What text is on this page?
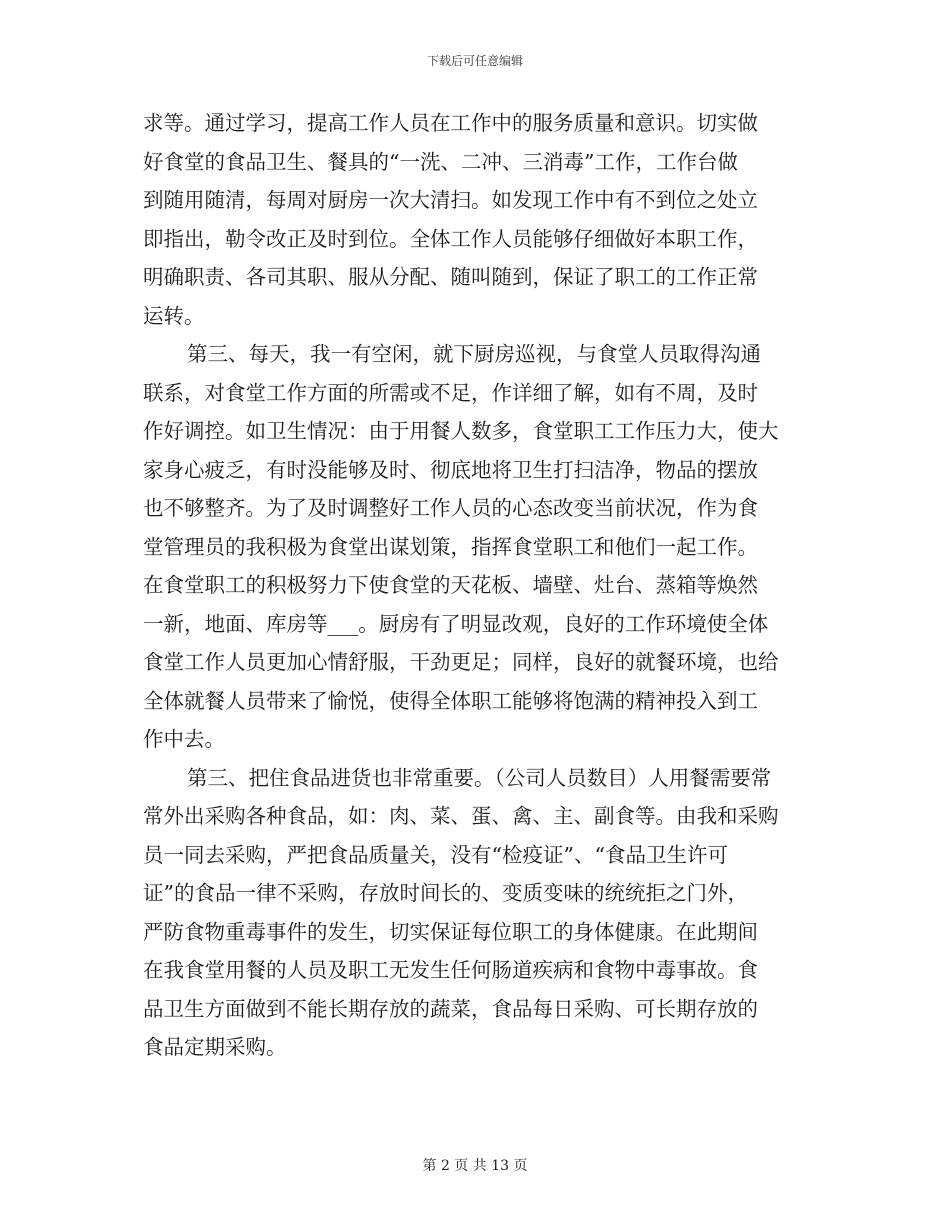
下载后可任意编辑
求等。通过学习，提高工作人员在工作中的服务质量和意识。切实做
好食堂的食品卫生、餐具的“一洗、二冲、三消毒”工作，工作台做
到随用随清，每周对厨房一次大清扫。如发现工作中有不到位之处立
即指出，勒令改正及时到位。全体工作人员能够仔细做好本职工作，
明确职责、各司其职、服从分配、随叫随到，保证了职工的工作正常
运转。
第三、每天，我一有空闲，就下厨房巡视，与食堂人员取得沟通
联系，对食堂工作方面的所需或不足，作详细了解，如有不周，及时
作好调控。如卫生情况：由于用餐人数多，食堂职工工作压力大，使大
家身心疲乏，有时没能够及时、彻底地将卫生打扫洁净，物品的摆放
也不够整齐。为了及时调整好工作人员的心态改变当前状况，作为食
堂管理员的我积极为食堂出谋划策，指挥食堂职工和他们一起工作。
在食堂职工的积极努力下使食堂的天花板、墙壁、灶台、蒸箱等焕然
一新，地面、库房等___。厨房有了明显改观，良好的工作环境使全体
食堂工作人员更加心情舒服，干劲更足；同样，良好的就餐环境，也给
全体就餐人员带来了愉悦，使得全体职工能够将饱满的精神投入到工
作中去。
第三、把住食品进货也非常重要。（公司人员数目）人用餐需要常
常外出采购各种食品，如：肉、菜、蛋、禽、主、副食等。由我和采购
员一同去采购，严把食品质量关，没有“检疫证”、“食品卫生许可
证”的食品一律不采购，存放时间长的、变质变味的统统拒之门外，
严防食物重毒事件的发生，切实保证每位职工的身体健康。在此期间
在我食堂用餐的人员及职工无发生任何肠道疾病和食物中毒事故。食
品卫生方面做到不能长期存放的蔬菜，食品每日采购、可长期存放的
食品定期采购。
第 2 页 共 13 页
